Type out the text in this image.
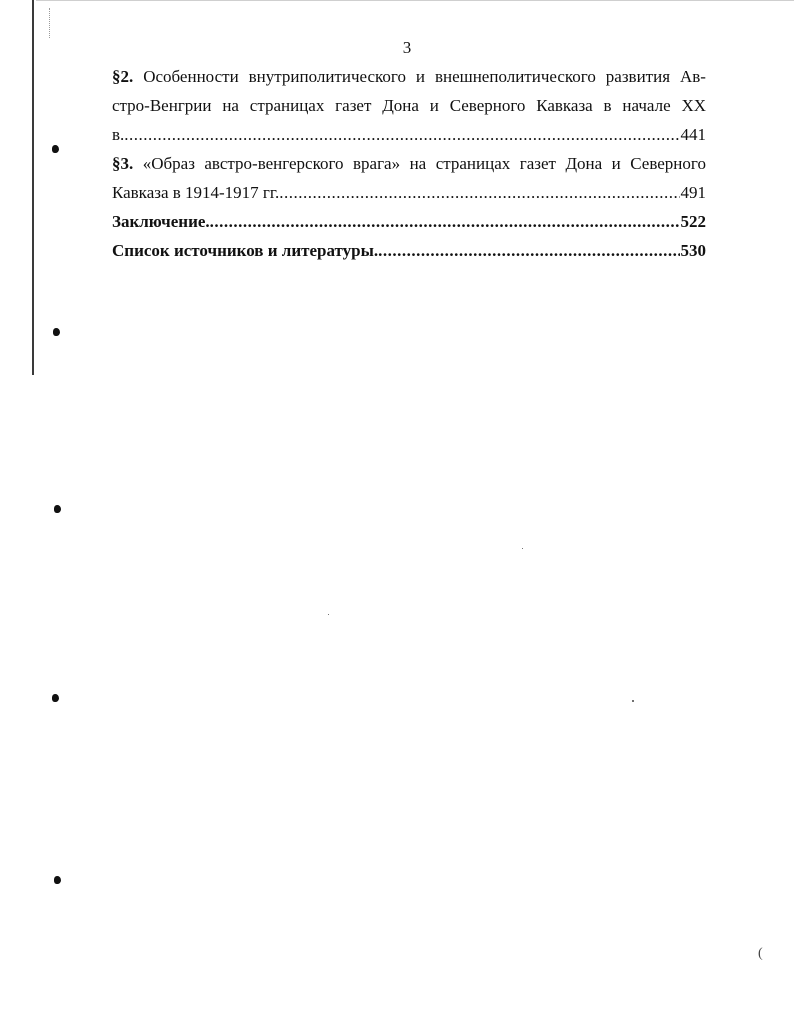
(
3
§2. Особенности внутриполитического и внешнеполитического развития Ав-
стро-Венгрии на страницах газет Дона и Северного Кавказа в начале XX
в. .....	441
§3. «Образ австро-венгерского врага» на страницах газет Дона и Северного
Кавказа в 1914-1917 гг. .....	491
Заключение. .....	522
Список источников и литературы. .....	530
